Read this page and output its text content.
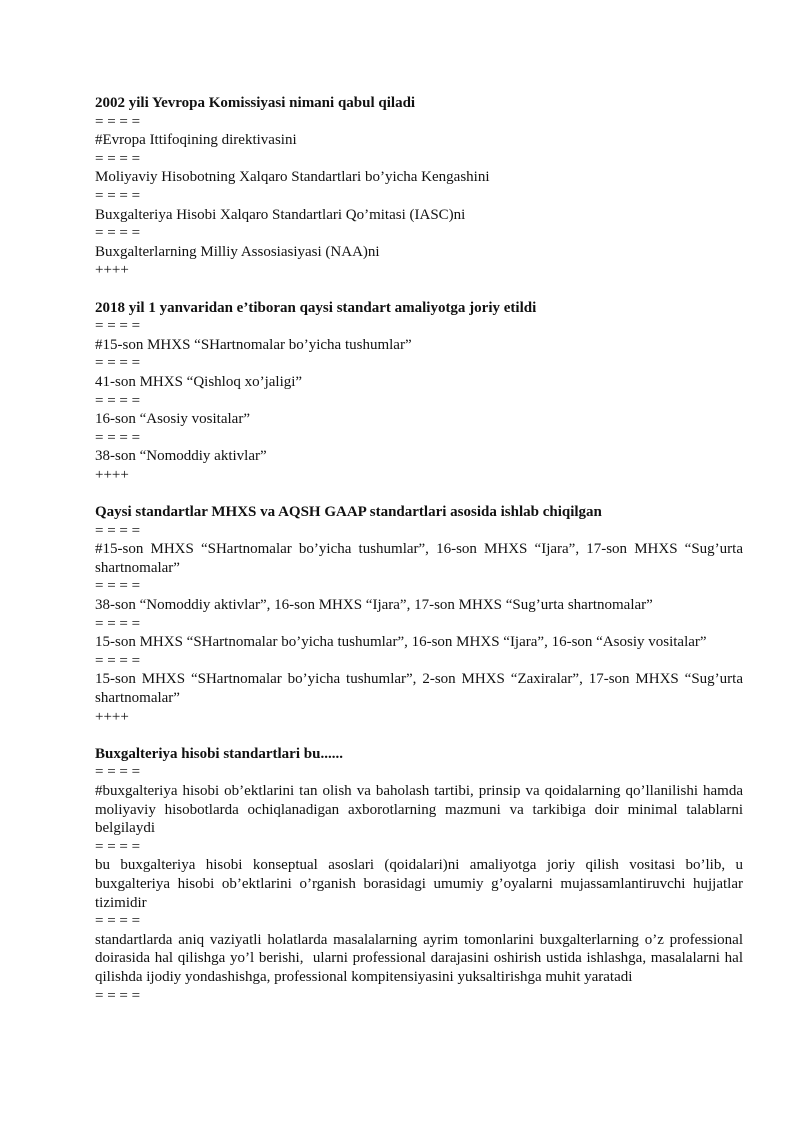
2002 yili Yevropa Komissiyasi nimani qabul qiladi

= = = =

#Evropa Ittifoqining direktivasini

= = = =

Moliyaviy Hisobotning Xalqaro Standartlari bo’yicha Kengashini

= = = =

Buxgalteriya Hisobi Xalqaro Standartlari Qo’mitasi (IASC)ni

= = = =

Buxgalterlarning Milliy Assosiasiyasi (NAA)ni

++++

2018 yil 1 yanvaridan e’tiboran qaysi standart amaliyotga joriy etildi

= = = =

#15-son MHXS “SHartnomalar bo’yicha tushumlar”

= = = =

41-son MHXS “Qishloq xo’jaligi”

= = = =

16-son “Asosiy vositalar”

= = = =

38-son “Nomoddiy aktivlar”

++++

Qaysi standartlar MHXS va AQSH GAAP standartlari asosida ishlab chiqilgan

= = = =

#15-son MHXS “SHartnomalar bo’yicha tushumlar”, 16-son MHXS “Ijara”, 17-son MHXS “Sug’urta shartnomalar”

= = = =

38-son “Nomoddiy aktivlar”, 16-son MHXS “Ijara”, 17-son MHXS “Sug’urta shartnomalar”

= = = =

15-son MHXS “SHartnomalar bo’yicha tushumlar”, 16-son MHXS “Ijara”, 16-son “Asosiy vositalar”

= = = =

15-son MHXS “SHartnomalar bo’yicha tushumlar”, 2-son MHXS “Zaxiralar”, 17-son MHXS “Sug’urta shartnomalar”

++++

Buxgalteriya hisobi standartlari bu......

= = = =

#buxgalteriya hisobi ob’ektlarini tan olish va baholash tartibi, prinsip va qoidalarning qo’llanilishi hamda moliyaviy hisobotlarda ochiqlanadigan axborotlarning mazmuni va tarkibiga doir minimal talablarni belgilaydi

= = = =

bu buxgalteriya hisobi konseptual asoslari (qoidalari)ni amaliyotga joriy qilish vositasi bo’lib, u buxgalteriya hisobi ob’ektlarini o’rganish borasidagi umumiy g’oyalarni mujassamlantiruvchi hujjatlar tizimidir

= = = =

standartlarda aniq vaziyatli holatlarda masalalarning ayrim tomonlarini buxgalterlarning o’z professional doirasida hal qilishga yo’l berishi,  ularni professional darajasini oshirish ustida ishlashga, masalalarni hal qilishda ijodiy yondashishga, professional kompitensiyasini yuksaltirishga muhit yaratadi

= = = =
